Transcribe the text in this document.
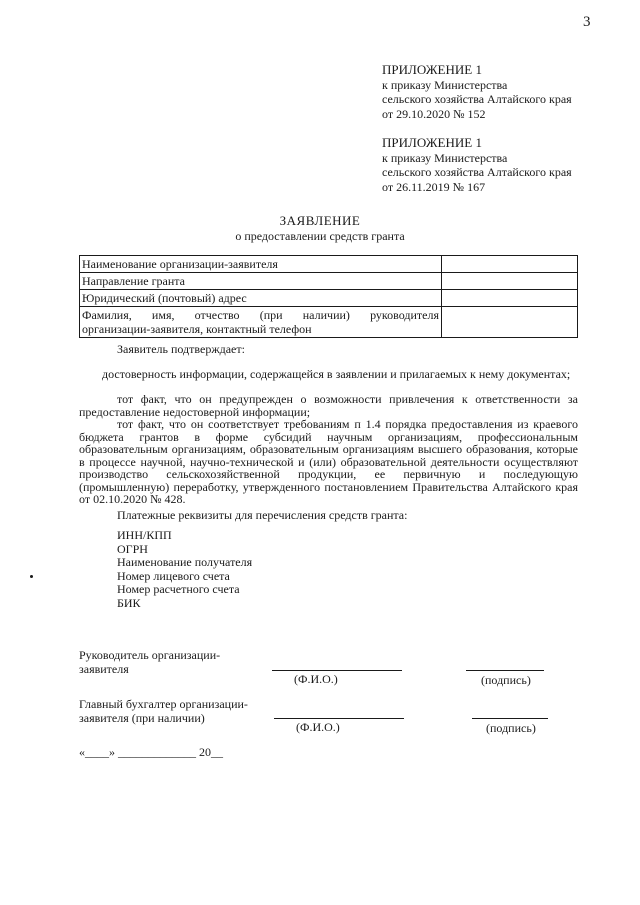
3
ПРИЛОЖЕНИЕ 1
к приказу Министерства
сельского хозяйства Алтайского края
от 29.10.2020 № 152
ПРИЛОЖЕНИЕ 1
к приказу Министерства
сельского хозяйства Алтайского края
от 26.11.2019 № 167
ЗАЯВЛЕНИЕ
о предоставлении средств гранта
Наименование организации-заявителя	
Направление гранта	
Юридический (почтовый) адрес	

Фамилия, имя, отчество (при наличии) руководителя
организации-заявителя, контактный телефон	

Заявитель подтверждает:
достоверность информации, содержащейся в заявлении и прилагаемых к нему документах;
тот факт, что он предупрежден о возможности привлечения к ответственности за предоставление недостоверной информации;
тот факт, что он соответствует требованиям п 1.4 порядка предоставления из краевого бюджета грантов в форме субсидий научным организациям, профессиональным образовательным организациям, образовательным организациям высшего образования, которые в процессе научной, научно-технической и (или) образовательной деятельности осуществляют производство сельскохозяйственной продукции, ее первичную и последующую (промышленную) переработку, утвержденного постановлением Правительства Алтайского края от 02.10.2020 № 428.
Платежные реквизиты для перечисления средств гранта:
ИНН/КПП
ОГРН
Наименование получателя
Номер лицевого счета
Номер расчетного счета
БИК
Руководитель организации-
заявителя
(Ф.И.О.)	(подпись)
Главный бухгалтер организации-
заявителя (при наличии)
(Ф.И.О.)	(подпись)
«____» _____________ 20__
